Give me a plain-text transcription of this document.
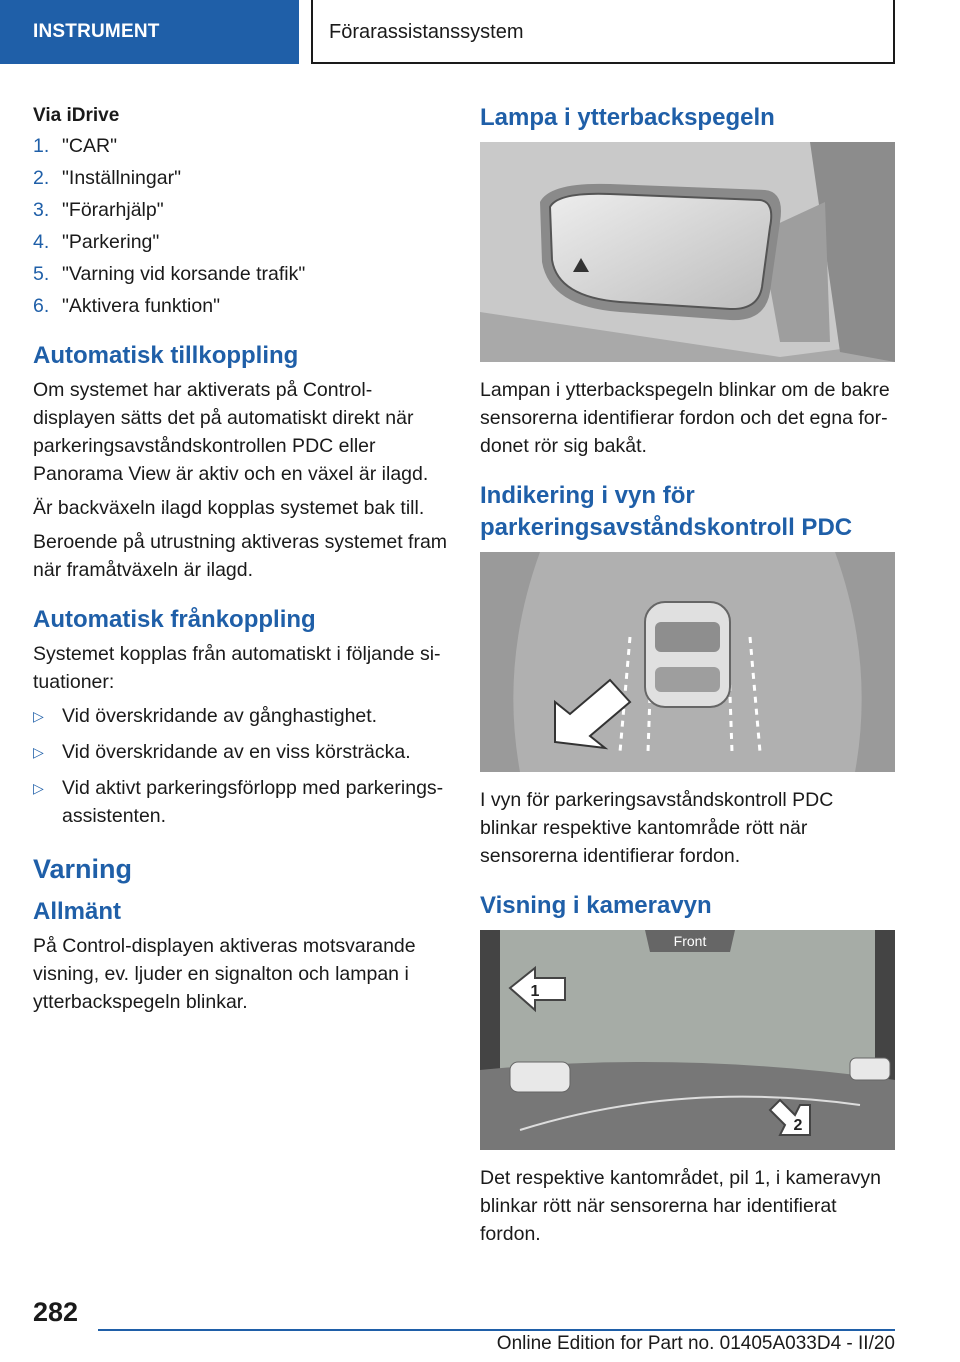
INSTRUMENT	Förarassistanssystem

Via iDrive

1. "CAR"
2. "Inställningar"
3. "Förarhjälp"
4. "Parkering"
5. "Varning vid korsande trafik"
6. "Aktivera funktion"
Automatisk tillkoppling

Om systemet har aktiverats på Control-displayen sätts det på automatiskt direkt när parkeringsavståndskontrollen PDC eller Panorama View är aktiv och en växel är ilagd.

Är backväxeln ilagd kopplas systemet bak till.

Beroende på utrustning aktiveras systemet fram när framåtväxeln är ilagd.

Automatisk frånkoppling

Systemet kopplas från automatiskt i följande situationer:

▷ Vid överskridande av gånghastighet.
▷ Vid överskridande av en viss körsträcka.
▷ Vid aktivt parkeringsförlopp med parkeringsassistenten.
Varning
Allmänt

På Control-displayen aktiveras motsvarande visning, ev. ljuder en signalton och lampan i ytterbackspegeln blinkar.

Lampa i ytterbackspegeln

Lampan i ytterbackspegeln blinkar om de bakre sensorerna identifierar fordon och det egna fordonet rör sig bakåt.

Indikering i vyn för parkeringsavståndskontroll PDC

I vyn för parkeringsavståndskontroll PDC blinkar respektive kantområde rött när sensorerna identifierar fordon.

Visning i kameravyn
Front
1
2

Det respektive kantområdet, pil 1, i kameravyn blinkar rött när sensorerna har identifierat fordon.

282
Online Edition for Part no. 01405A033D4 - II/20
